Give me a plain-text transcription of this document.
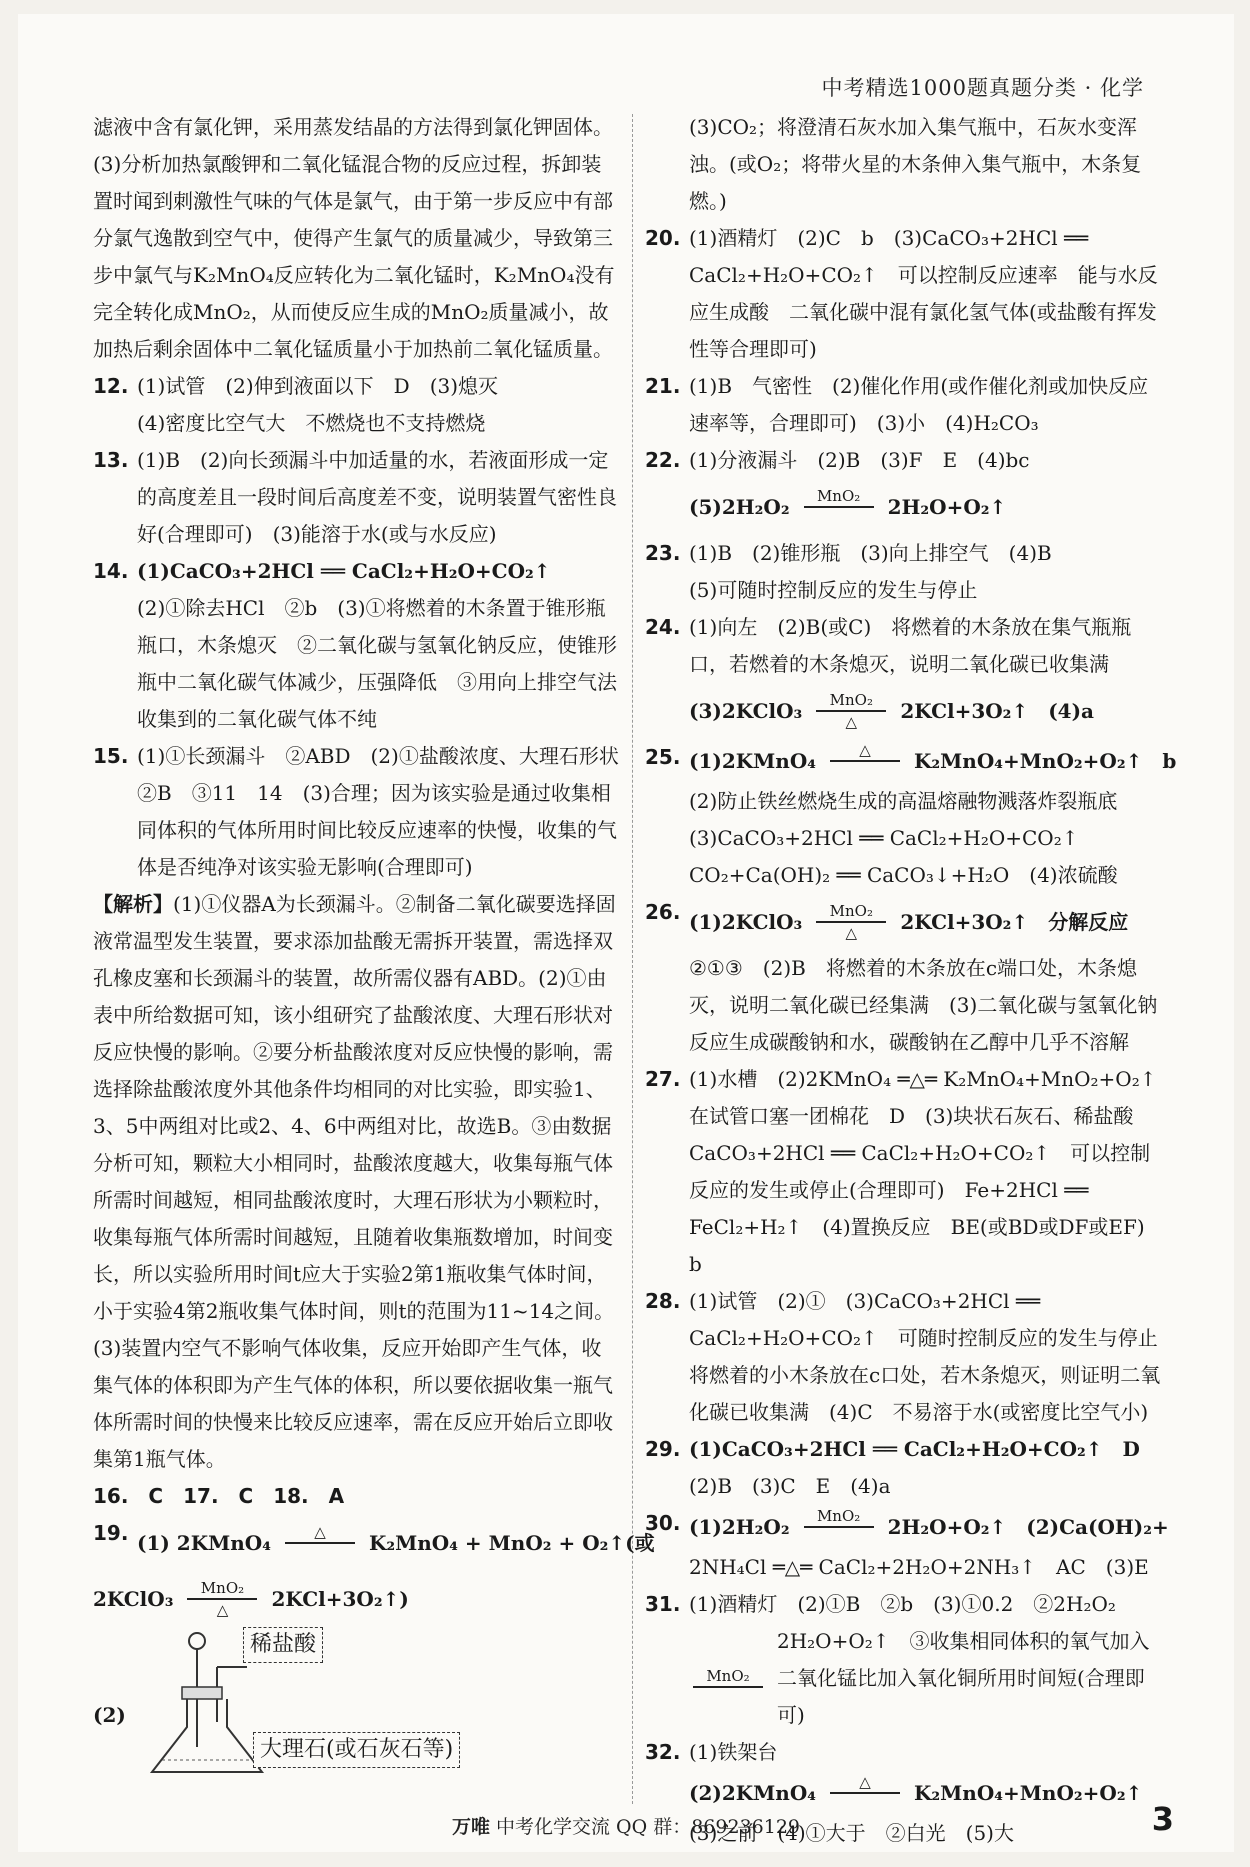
中考精选1000题真题分类 · 化学

滤液中含有氯化钾，采用蒸发结晶的方法得到氯化钾固体。(3)分析加热氯酸钾和二氧化锰混合物的反应过程，拆卸装置时闻到刺激性气味的气体是氯气，由于第一步反应中有部分氯气逸散到空气中，使得产生氯气的质量减少，导致第三步中氯气与K₂MnO₄反应转化为二氧化锰时，K₂MnO₄没有完全转化成MnO₂，从而使反应生成的MnO₂质量减小，故加热后剩余固体中二氧化锰质量小于加热前二氧化锰质量。

12. (1)试管　(2)伸到液面以下　D　(3)熄灭
(4)密度比空气大　不燃烧也不支持燃烧
13. (1)B　(2)向长颈漏斗中加适量的水，若液面形成一定的高度差且一段时间后高度差不变，说明装置气密性良好(合理即可)　(3)能溶于水(或与水反应)
14. (1)CaCO₃+2HCl ══ CaCl₂+H₂O+CO₂↑
(2)①除去HCl　②b　(3)①将燃着的木条置于锥形瓶瓶口，木条熄灭　②二氧化碳与氢氧化钠反应，使锥形瓶中二氧化碳气体减少，压强降低　③用向上排空气法收集到的二氧化碳气体不纯
15. (1)①长颈漏斗　②ABD　(2)①盐酸浓度、大理石形状　②B　③11　14　(3)合理；因为该实验是通过收集相同体积的气体所用时间比较反应速率的快慢，收集的气体是否纯净对该实验无影响(合理即可)

【解析】(1)①仪器A为长颈漏斗。②制备二氧化碳要选择固液常温型发生装置，要求添加盐酸无需拆开装置，需选择双孔橡皮塞和长颈漏斗的装置，故所需仪器有ABD。(2)①由表中所给数据可知，该小组研究了盐酸浓度、大理石形状对反应快慢的影响。②要分析盐酸浓度对反应快慢的影响，需选择除盐酸浓度外其他条件均相同的对比实验，即实验1、3、5中两组对比或2、4、6中两组对比，故选B。③由数据分析可知，颗粒大小相同时，盐酸浓度越大，收集每瓶气体所需时间越短，相同盐酸浓度时，大理石形状为小颗粒时，收集每瓶气体所需时间越短，且随着收集瓶数增加，时间变长，所以实验所用时间t应大于实验2第1瓶收集气体时间，小于实验4第2瓶收集气体时间，则t的范围为11~14之间。(3)装置内空气不影响气体收集，反应开始即产生气体，收集气体的体积即为产生气体的体积，所以要依据收集一瓶气体所需时间的快慢来比较反应速率，需在反应开始后立即收集第1瓶气体。

16.　C　17.　C　18.　A
19. (1) 2KMnO₄	△ K₂MnO₄ + MnO₂ + O₂↑(或
2KClO₃ MnO₂
△ 2KCl+3O₂↑)
(2)
稀盐酸
大理石(或石灰石等)

(3)CO₂；将澄清石灰水加入集气瓶中，石灰水变浑浊。(或O₂；将带火星的木条伸入集气瓶中，木条复燃。)

20. (1)酒精灯　(2)C　b　(3)CaCO₃+2HCl ══ CaCl₂+H₂O+CO₂↑　可以控制反应速率　能与水反应生成酸　二氧化碳中混有氯化氢气体(或盐酸有挥发性等合理即可)
21. (1)B　气密性　(2)催化作用(或作催化剂或加快反应速率等，合理即可)　(3)小　(4)H₂CO₃
22. (1)分液漏斗　(2)B　(3)F　E　(4)bc
(5)2H₂O₂ MnO₂ 2H₂O+O₂↑
23. (1)B　(2)锥形瓶　(3)向上排空气　(4)B
(5)可随时控制反应的发生与停止
24. (1)向左　(2)B(或C)　将燃着的木条放在集气瓶瓶口，若燃着的木条熄灭，说明二氧化碳已收集满
(3)2KClO₃ MnO₂
△ 2KCl+3O₂↑　(4)a
25. (1)2KMnO₄	△ K₂MnO₄+MnO₂+O₂↑　b
(2)防止铁丝燃烧生成的高温熔融物溅落炸裂瓶底　(3)CaCO₃+2HCl ══ CaCl₂+H₂O+CO₂↑　CO₂+Ca(OH)₂ ══ CaCO₃↓+H₂O　(4)浓硫酸
26. (1)2KClO₃ MnO₂
△ 2KCl+3O₂↑　分解反应
②①③　(2)B　将燃着的木条放在c端口处，木条熄灭，说明二氧化碳已经集满　(3)二氧化碳与氢氧化钠反应生成碳酸钠和水，碳酸钠在乙醇中几乎不溶解
27. (1)水槽　(2)2KMnO₄ ═△═ K₂MnO₄+MnO₂+O₂↑　在试管口塞一团棉花　D　(3)块状石灰石、稀盐酸　CaCO₃+2HCl ══ CaCl₂+H₂O+CO₂↑　可以控制反应的发生或停止(合理即可)　Fe+2HCl ══ FeCl₂+H₂↑　(4)置换反应　BE(或BD或DF或EF)　b
28. (1)试管　(2)①　(3)CaCO₃+2HCl ══ CaCl₂+H₂O+CO₂↑　可随时控制反应的发生与停止　将燃着的小木条放在c口处，若木条熄灭，则证明二氧化碳已收集满　(4)C　不易溶于水(或密度比空气小)
29. (1)CaCO₃+2HCl ══ CaCl₂+H₂O+CO₂↑　D
(2)B　(3)C　E　(4)a
30. (1)2H₂O₂ MnO₂ 2H₂O+O₂↑　(2)Ca(OH)₂+
2NH₄Cl ═△═ CaCl₂+2H₂O+2NH₃↑　AC　(3)E
31. (1)酒精灯　(2)①B　②b　(3)①0.2　②2H₂O₂
MnO₂
2H₂O+O₂↑　③收集相同体积的氧气加入二氧化锰比加入氧化铜所用时间短(合理即可)
32. (1)铁架台
(2)2KMnO₄	△ K₂MnO₄+MnO₂+O₂↑
(3)之前　(4)①大于　②白光　(5)大
万唯 中考化学交流 QQ 群：869236129	3
